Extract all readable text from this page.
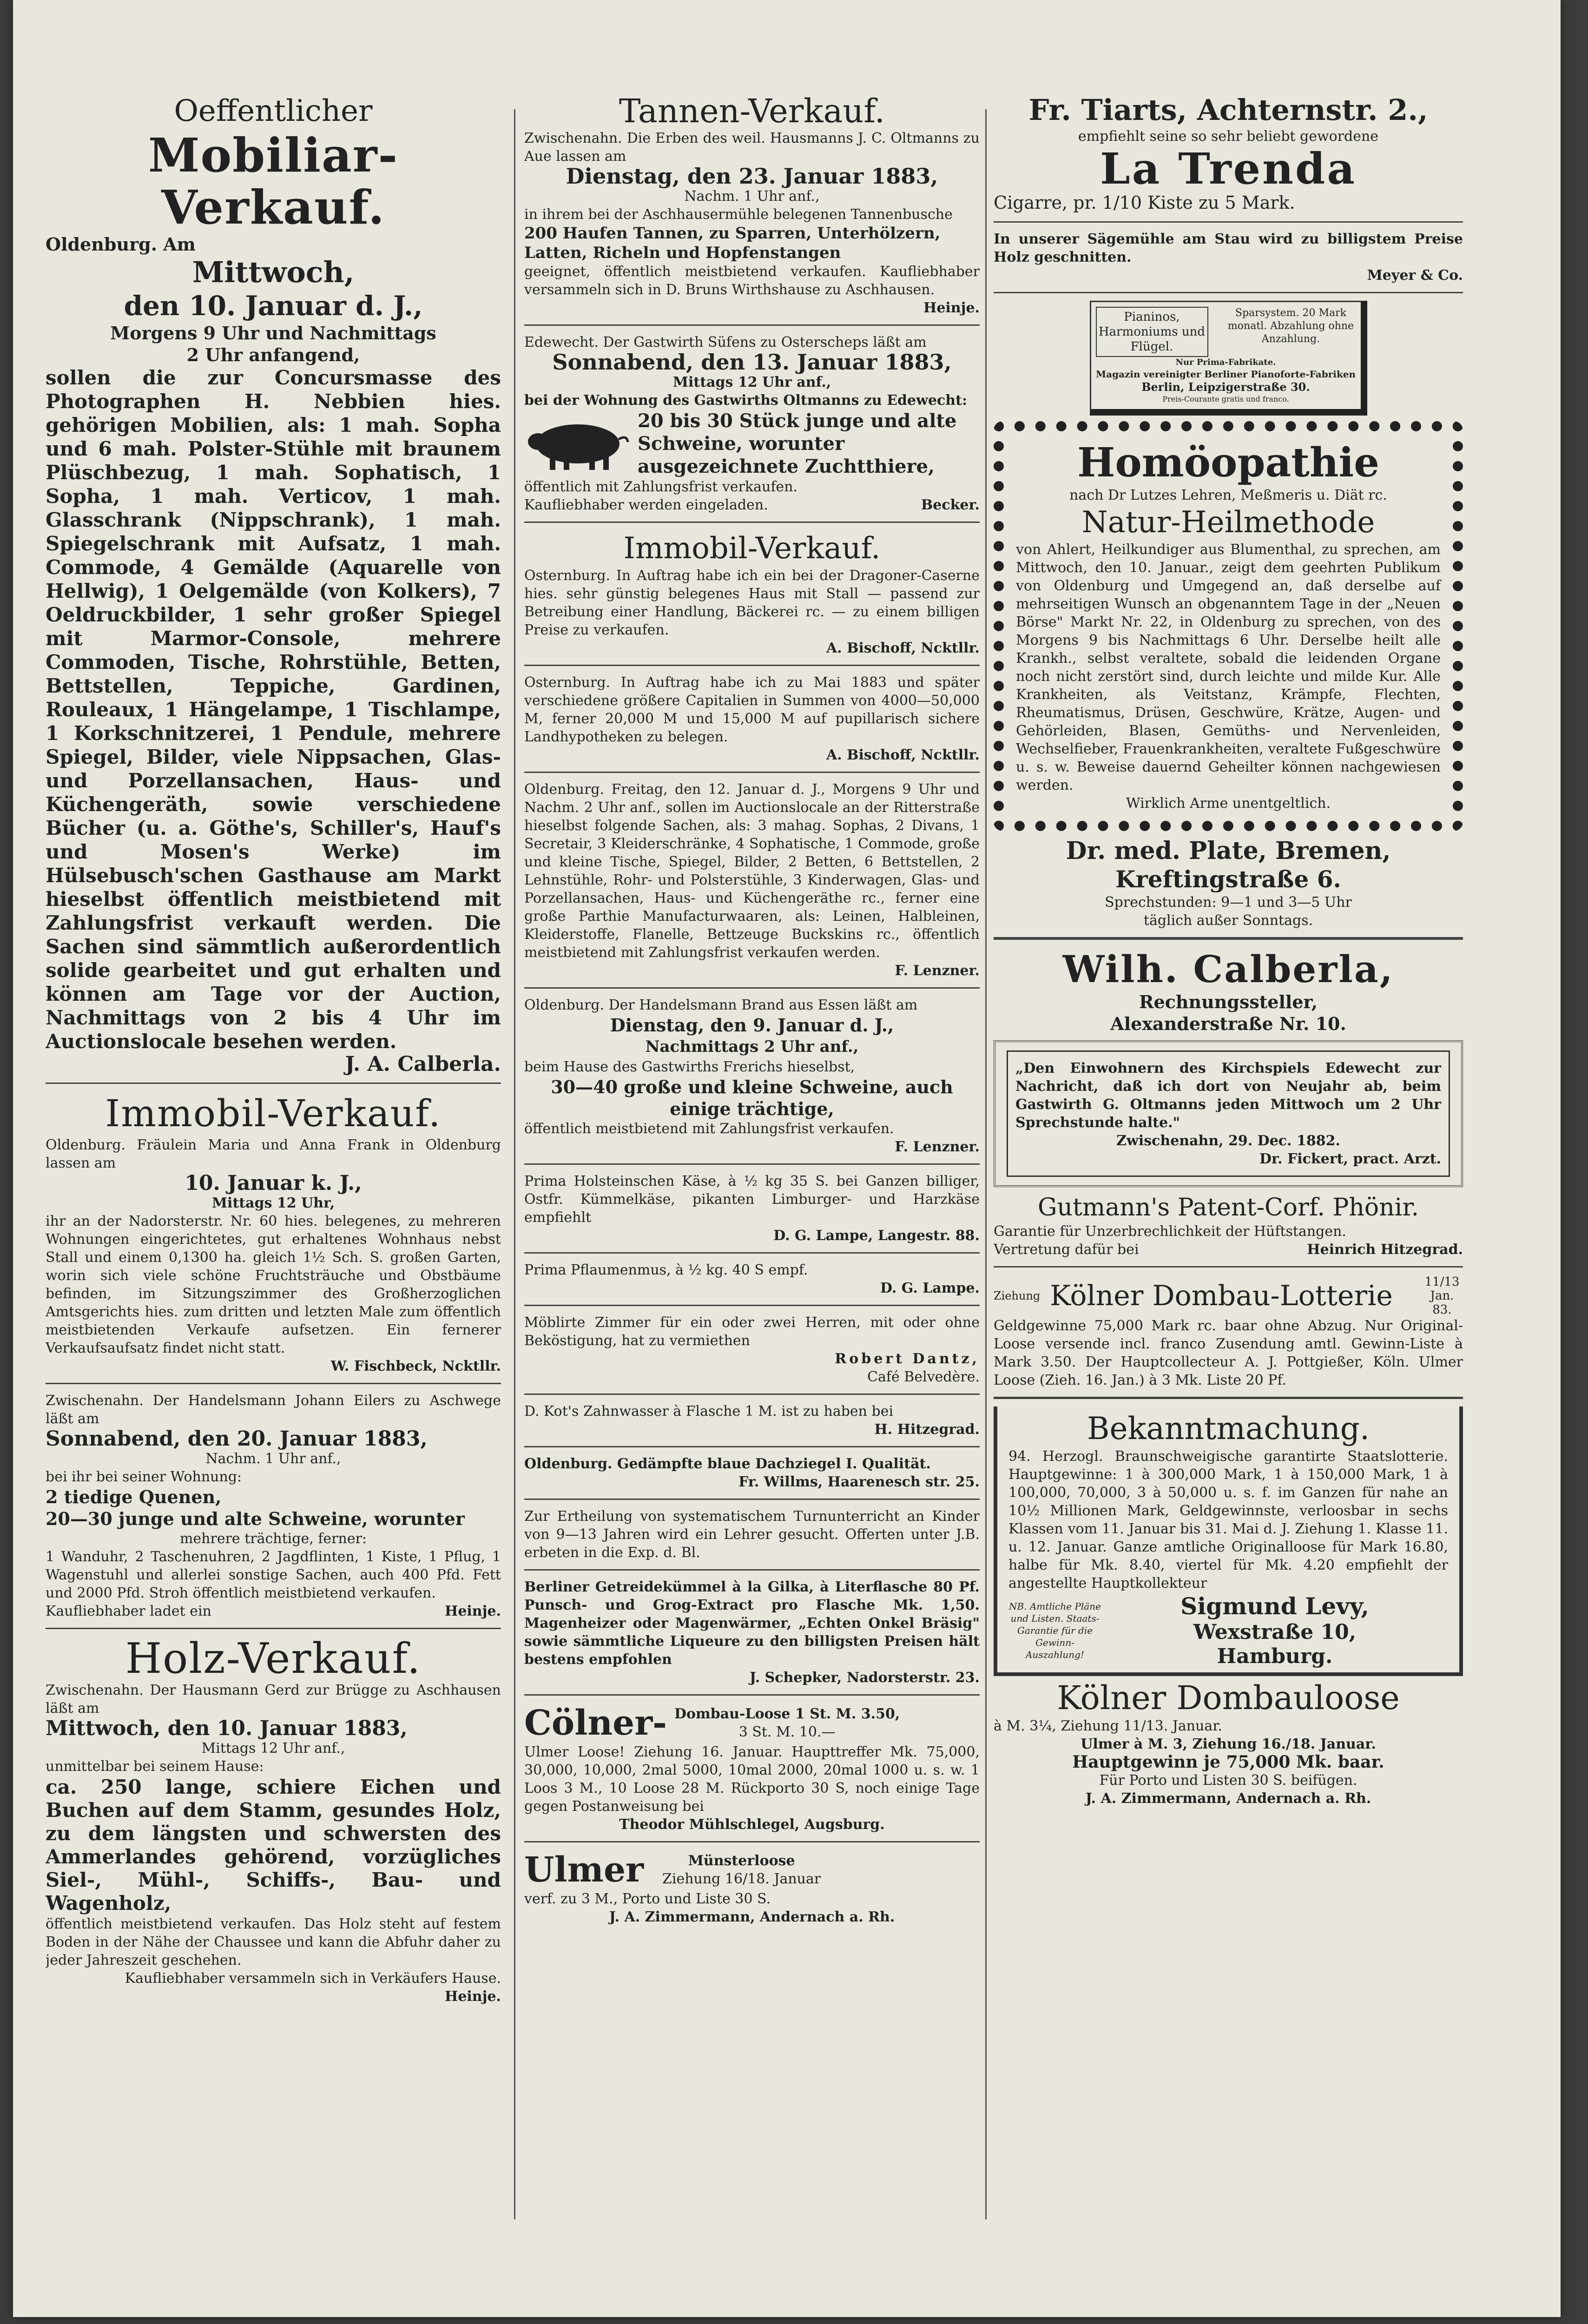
Oeffentlicher

Mobiliar-Verkauf.

Oldenburg. Am

Mittwoch,

den 10. Januar d. J.,

Morgens 9 Uhr und Nachmittags

2 Uhr anfangend,

sollen die zur Concursmasse des Photographen H. Nebbien hies. gehörigen Mobilien, als: 1 mah. Sopha und 6 mah. Polster-Stühle mit braunem Plüschbezug, 1 mah. Sophatisch, 1 Sopha, 1 mah. Verticov, 1 mah. Glasschrank (Nippschrank), 1 mah. Spiegelschrank mit Aufsatz, 1 mah. Commode, 4 Gemälde (Aquarelle von Hellwig), 1 Oelgemälde (von Kolkers), 7 Oeldruckbilder, 1 sehr großer Spiegel mit Marmor-Console, mehrere Commoden, Tische, Rohrstühle, Betten, Bettstellen, Teppiche, Gardinen, Rouleaux, 1 Hängelampe, 1 Tischlampe, 1 Korkschnitzerei, 1 Pendule, mehrere Spiegel, Bilder, viele Nippsachen, Glas- und Porzellansachen, Haus- und Küchengeräth, sowie verschiedene Bücher (u. a. Göthe's, Schiller's, Hauf's und Mosen's Werke) im Hülsebusch'schen Gasthause am Markt hieselbst öffentlich meistbietend mit Zahlungsfrist verkauft werden. Die Sachen sind sämmtlich außerordentlich solide gearbeitet und gut erhalten und können am Tage vor der Auction, Nachmittags von 2 bis 4 Uhr im Auctionslocale besehen werden.

J. A. Calberla.

Immobil-Verkauf.

Oldenburg. Fräulein Maria und Anna Frank in Oldenburg lassen am

10. Januar k. J.,

Mittags 12 Uhr,

ihr an der Nadorsterstr. Nr. 60 hies. belegenes, zu mehreren Wohnungen eingerichtetes, gut erhaltenes Wohnhaus nebst Stall und einem 0,1300 ha. gleich 1½ Sch. S. großen Garten, worin sich viele schöne Fruchtsträuche und Obstbäume befinden, im Sitzungszimmer des Großherzoglichen Amtsgerichts hies. zum dritten und letzten Male zum öffentlich meistbietenden Verkaufe aufsetzen. Ein fernerer Verkaufsaufsatz findet nicht statt.

W. Fischbeck, Ncktllr.

Zwischenahn. Der Handelsmann Johann Eilers zu Aschwege läßt am

Sonnabend, den 20. Januar 1883,

Nachm. 1 Uhr anf.,

bei ihr bei seiner Wohnung:

2 tiedige Quenen,

20—30 junge und alte Schweine, worunter

mehrere trächtige, ferner:

1 Wanduhr, 2 Taschenuhren, 2 Jagdflinten, 1 Kiste, 1 Pflug, 1 Wagenstuhl und allerlei sonstige Sachen, auch 400 Pfd. Fett und 2000 Pfd. Stroh öffentlich meistbietend verkaufen.

Kaufliebhaber ladet ein	Heinje.

Holz-Verkauf.

Zwischenahn. Der Hausmann Gerd zur Brügge zu Aschhausen läßt am

Mittwoch, den 10. Januar 1883,

Mittags 12 Uhr anf.,

unmittelbar bei seinem Hause:

ca. 250 lange, schiere Eichen und Buchen auf dem Stamm, gesundes Holz, zu dem längsten und schwersten des Ammerlandes gehörend, vorzügliches Siel-, Mühl-, Schiffs-, Bau- und Wagenholz,

öffentlich meistbietend verkaufen. Das Holz steht auf festem Boden in der Nähe der Chaussee und kann die Abfuhr daher zu jeder Jahreszeit geschehen.

Kaufliebhaber versammeln sich in Verkäufers Hause.

Heinje.

Tannen-Verkauf.

Zwischenahn. Die Erben des weil. Hausmanns J. C. Oltmanns zu Aue lassen am

Dienstag, den 23. Januar 1883,

Nachm. 1 Uhr anf.,

in ihrem bei der Aschhausermühle belegenen Tannenbusche

200 Haufen Tannen, zu Sparren, Unterhölzern, Latten, Richeln und Hopfenstangen

geeignet, öffentlich meistbietend verkaufen. Kaufliebhaber versammeln sich in D. Bruns Wirthshause zu Aschhausen.

Heinje.

Edewecht. Der Gastwirth Süfens zu Osterscheps läßt am

Sonnabend, den 13. Januar 1883,

Mittags 12 Uhr anf.,

bei der Wohnung des Gastwirths Oltmanns zu Edewecht:

20 bis 30 Stück junge und alte Schweine, worunter ausgezeichnete Zuchtthiere,

öffentlich mit Zahlungsfrist verkaufen.

Kaufliebhaber werden eingeladen.	Becker.

Immobil-Verkauf.

Osternburg. In Auftrag habe ich ein bei der Dragoner-Caserne hies. sehr günstig belegenes Haus mit Stall — passend zur Betreibung einer Handlung, Bäckerei rc. — zu einem billigen Preise zu verkaufen.

A. Bischoff, Ncktllr.

Osternburg. In Auftrag habe ich zu Mai 1883 und später verschiedene größere Capitalien in Summen von 4000—50,000 M, ferner 20,000 M und 15,000 M auf pupillarisch sichere Landhypotheken zu belegen.

A. Bischoff, Ncktllr.

Oldenburg. Freitag, den 12. Januar d. J., Morgens 9 Uhr und Nachm. 2 Uhr anf., sollen im Auctionslocale an der Ritterstraße hieselbst folgende Sachen, als: 3 mahag. Sophas, 2 Divans, 1 Secretair, 3 Kleiderschränke, 4 Sophatische, 1 Commode, große und kleine Tische, Spiegel, Bilder, 2 Betten, 6 Bettstellen, 2 Lehnstühle, Rohr- und Polsterstühle, 3 Kinderwagen, Glas- und Porzellansachen, Haus- und Küchengeräthe rc., ferner eine große Parthie Manufacturwaaren, als: Leinen, Halbleinen, Kleiderstoffe, Flanelle, Bettzeuge Buckskins rc., öffentlich meistbietend mit Zahlungsfrist verkaufen werden.

F. Lenzner.

Oldenburg. Der Handelsmann Brand aus Essen läßt am

Dienstag, den 9. Januar d. J.,

Nachmittags 2 Uhr anf.,

beim Hause des Gastwirths Frerichs hieselbst,

30—40 große und kleine Schweine, auch einige trächtige,

öffentlich meistbietend mit Zahlungsfrist verkaufen.

F. Lenzner.

Prima Holsteinschen Käse, à ½ kg 35 S. bei Ganzen billiger, Ostfr. Kümmelkäse, pikanten Limburger- und Harzkäse empfiehlt

D. G. Lampe, Langestr. 88.

Prima Pflaumenmus, à ½ kg. 40 S empf.

D. G. Lampe.

Möblirte Zimmer für ein oder zwei Herren, mit oder ohne Beköstigung, hat zu vermiethen

Robert Dantz,

Café Belvedère.

D. Kot's Zahnwasser à Flasche 1 M. ist zu haben bei

H. Hitzegrad.

Oldenburg. Gedämpfte blaue Dachziegel I. Qualität.

Fr. Willms, Haarenesch str. 25.

Zur Ertheilung von systematischem Turnunterricht an Kinder von 9—13 Jahren wird ein Lehrer gesucht. Offerten unter J.B. erbeten in die Exp. d. Bl.

Berliner Getreidekümmel à la Gilka, à Literflasche 80 Pf. Punsch- und Grog-Extract pro Flasche Mk. 1,50. Magenheizer oder Magenwärmer, „Echten Onkel Bräsig" sowie sämmtliche Liqueure zu den billigsten Preisen hält bestens empfohlen

J. Schepker, Nadorsterstr. 23.

Cölner- Dombau-Loose 1 St. M. 3.50,

3 St. M. 10.—

Ulmer Loose! Ziehung 16. Januar. Haupttreffer Mk. 75,000, 30,000, 10,000, 2mal 5000, 10mal 2000, 20mal 1000 u. s. w. 1 Loos 3 M., 10 Loose 28 M. Rückporto 30 S, noch einige Tage gegen Postanweisung bei

Theodor Mühlschlegel, Augsburg.

Ulmer	Münsterloose

Ziehung 16/18. Januar

verf. zu 3 M., Porto und Liste 30 S.

J. A. Zimmermann, Andernach a. Rh.

Fr. Tiarts, Achternstr. 2.,

empfiehlt seine so sehr beliebt gewordene

La Trenda

Cigarre, pr. 1/10 Kiste zu 5 Mark.

In unserer Sägemühle am Stau wird zu billigstem Preise Holz geschnitten.

Meyer & Co.

Pianinos, Harmoniums und Flügel.

Sparsystem. 20 Mark monatl. Abzahlung ohne Anzahlung.

Nur Prima-Fabrikate.

Magazin vereinigter Berliner Pianoforte-Fabriken

Berlin, Leipzigerstraße 30.

Preis-Courante gratis und franco.

Homöopathie

nach Dr Lutzes Lehren, Meßmeris u. Diät rc.

Natur-Heilmethode

von Ahlert, Heilkundiger aus Blumenthal, zu sprechen, am Mittwoch, den 10. Januar., zeigt dem geehrten Publikum von Oldenburg und Umgegend an, daß derselbe auf mehrseitigen Wunsch an obgenanntem Tage in der „Neuen Börse" Markt Nr. 22, in Oldenburg zu sprechen, von des Morgens 9 bis Nachmittags 6 Uhr. Derselbe heilt alle Krankh., selbst veraltete, sobald die leidenden Organe noch nicht zerstört sind, durch leichte und milde Kur. Alle Krankheiten, als Veitstanz, Krämpfe, Flechten, Rheumatismus, Drüsen, Geschwüre, Krätze, Augen- und Gehörleiden, Blasen, Gemüths- und Nervenleiden, Wechselfieber, Frauenkrankheiten, veraltete Fußgeschwüre u. s. w. Beweise dauernd Geheilter können nachgewiesen werden.

Wirklich Arme unentgeltlich.

Dr. med. Plate, Bremen,

Kreftingstraße 6.

Sprechstunden: 9—1 und 3—5 Uhr

täglich außer Sonntags.

Wilh. Calberla,

Rechnungssteller,

Alexanderstraße Nr. 10.

„Den Einwohnern des Kirchspiels Edewecht zur Nachricht, daß ich dort von Neujahr ab, beim Gastwirth G. Oltmanns jeden Mittwoch um 2 Uhr Sprechstunde halte."

Zwischenahn, 29. Dec. 1882.

Dr. Fickert, pract. Arzt.

Gutmann's Patent-Corf. Phönir.

Garantie für Unzerbrechlichkeit der Hüftstangen.

Vertretung dafür bei	Heinrich Hitzegrad.
Ziehung Kölner Dombau-Lotterie	11/13 Jan. 83.

Geldgewinne 75,000 Mark rc. baar ohne Abzug. Nur Original-Loose versende incl. franco Zusendung amtl. Gewinn-Liste à Mark 3.50. Der Hauptcollecteur A. J. Pottgießer, Köln. Ulmer Loose (Zieh. 16. Jan.) à 3 Mk. Liste 20 Pf.

Bekanntmachung.

94. Herzogl. Braunschweigische garantirte Staatslotterie. Hauptgewinne: 1 à 300,000 Mark, 1 à 150,000 Mark, 1 à 100,000, 70,000, 3 à 50,000 u. s. f. im Ganzen für nahe an 10½ Millionen Mark, Geldgewinnste, verloosbar in sechs Klassen vom 11. Januar bis 31. Mai d. J. Ziehung 1. Klasse 11. u. 12. Januar. Ganze amtliche Originalloose für Mark 16.80, halbe für Mk. 8.40, viertel für Mk. 4.20 empfiehlt der angestellte Hauptkollekteur

NB. Amtliche Pläne und Listen. Staats-Garantie für die Gewinn-Auszahlung!

Sigmund Levy,

Wexstraße 10,

Hamburg.

Kölner Dombauloose

à M. 3¼, Ziehung 11/13. Januar.

Ulmer à M. 3, Ziehung 16./18. Januar.

Hauptgewinn je 75,000 Mk. baar.

Für Porto und Listen 30 S. beifügen.

J. A. Zimmermann, Andernach a. Rh.
